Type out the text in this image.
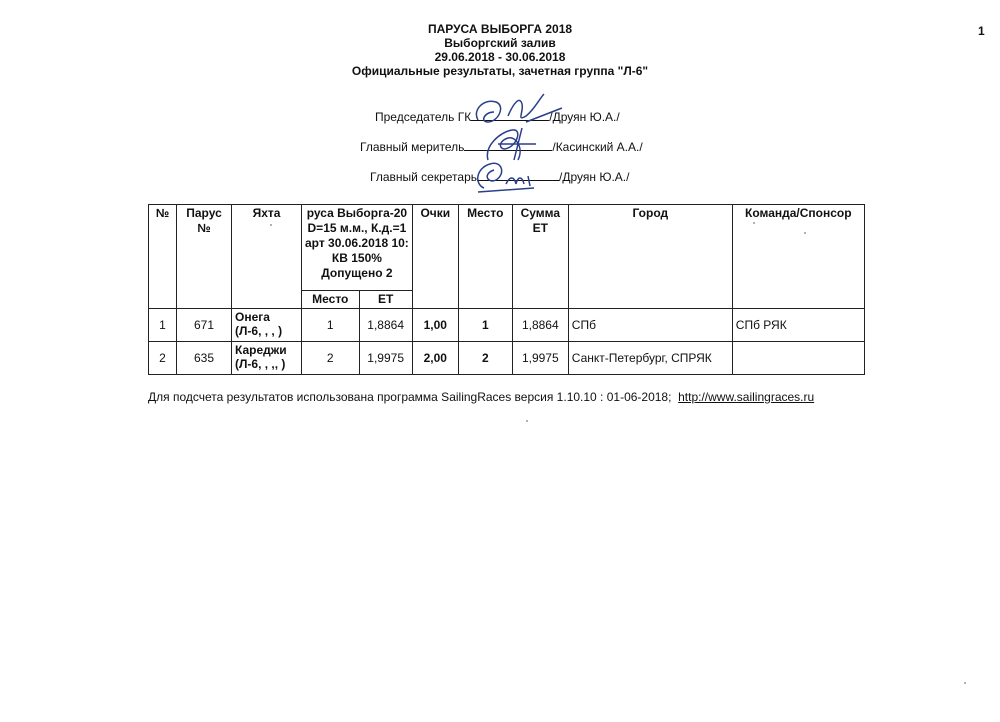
1
ПАРУСА ВЫБОРГА 2018
Выборгский залив
29.06.2018 - 30.06.2018
Официальные результаты, зачетная группа "Л-6"
Председатель ГК	/Друян Ю.А./
Главный меритель	/Касинский А.А./
Главный секретарь	/Друян Ю.А./
№	Парус №	Яхта	руса Выборга-20
D=15 м.м., К.д.=1
арт 30.06.2018 10:
КВ 150%
Допущено 2		Очки	Место	Сумма ЕТ	Город	Команда/Спонсор
			Место	ЕТ					
1	671	Онега
(Л-6, , , )	1	1,8864	1,00	1	1,8864	СПб	СПб РЯК
2	635	Кареджи
(Л-6, , ,, )	2	1,9975	2,00	2	1,9975	Санкт-Петербург, СПРЯК	
Для подсчета результатов использована программа SailingRaces версия 1.10.10 : 01-06-2018; http://www.sailingraces.ru
